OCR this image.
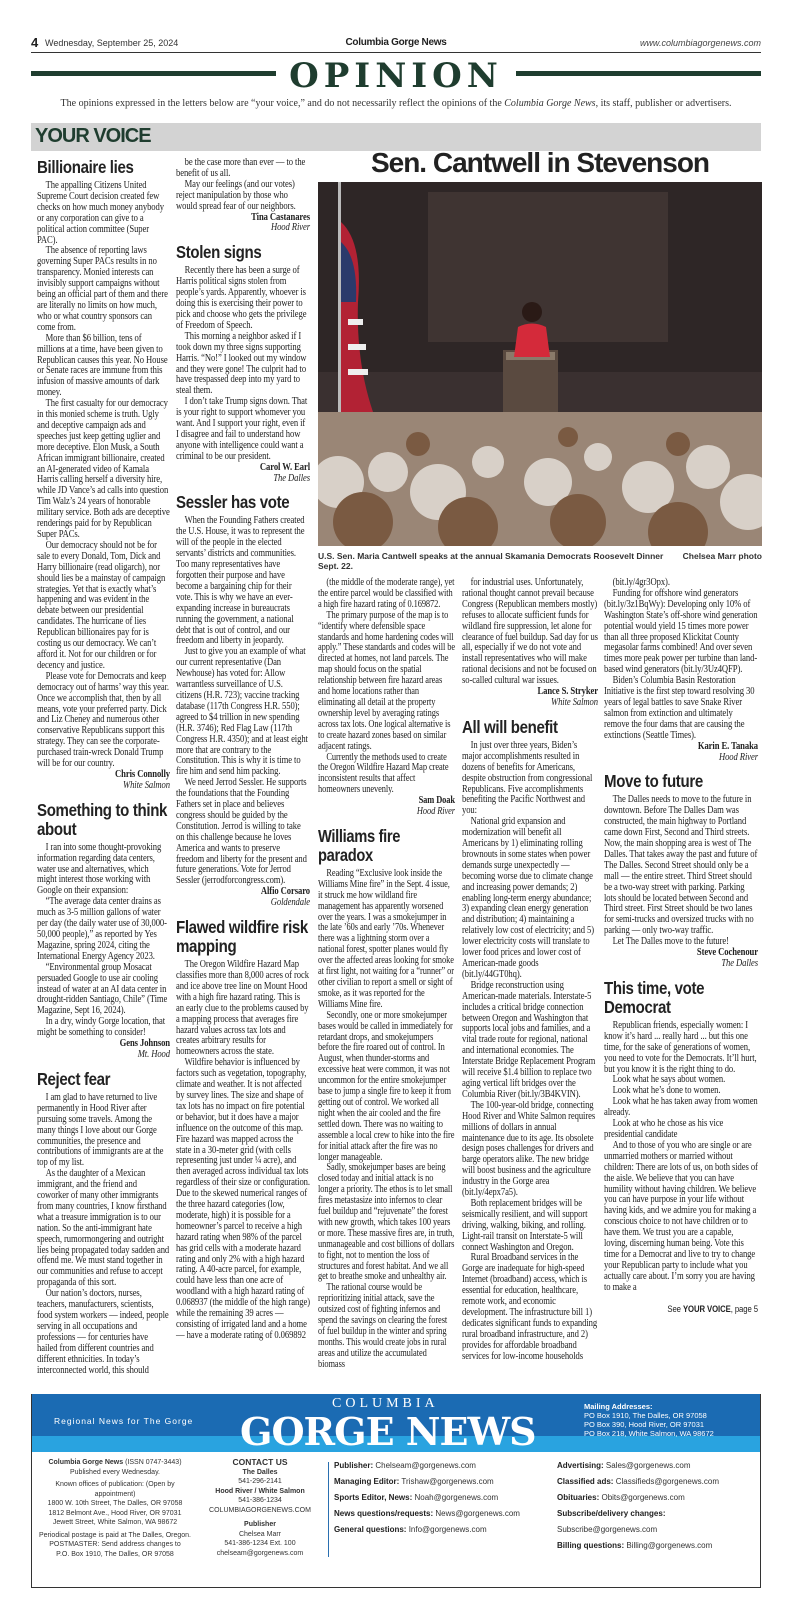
4 Wednesday, September 25, 2024	Columbia Gorge News	www.columbiagorgenews.com
OPINION
The opinions expressed in the letters below are “your voice,” and do not necessarily reflect the opinions of the Columbia Gorge News, its staff, publisher or advertisers.
YOUR VOICE
Billionaire lies

The appalling Citizens United Supreme Court decision created few checks on how much money anybody or any corporation can give to a political action committee (Super PAC).

The absence of reporting laws governing Super PACs results in no transparency. Monied interests can invisibly support campaigns without being an official part of them and there are literally no limits on how much, who or what country sponsors can come from.

More than $6 billion, tens of millions at a time, have been given to Republican causes this year. No House or Senate races are immune from this infusion of massive amounts of dark money.

The first casualty for our democracy in this monied scheme is truth. Ugly and deceptive campaign ads and speeches just keep getting uglier and more deceptive. Elon Musk, a South African immigrant billionaire, created an AI-generated video of Kamala Harris calling herself a diversity hire, while JD Vance’s ad calls into question Tim Walz’s 24 years of honorable military service. Both ads are deceptive renderings paid for by Republican Super PACs.

Our democracy should not be for sale to every Donald, Tom, Dick and Harry billionaire (read oligarch), nor should lies be a mainstay of campaign strategies. Yet that is exactly what’s happening and was evident in the debate between our presidential candidates. The hurricane of lies Republican billionaires pay for is costing us our democracy. We can’t afford it. Not for our children or for decency and justice.

Please vote for Democrats and keep democracy out of harms’ way this year. Once we accomplish that, then by all means, vote your preferred party. Dick and Liz Cheney and numerous other conservative Republicans support this strategy. They can see the corporate-purchased train-wreck Donald Trump will be for our country.

Chris Connolly
White Salmon
Something to think about

I ran into some thought-provoking information regarding data centers, water use and alternatives, which might interest those working with Google on their expansion:

“The average data center drains as much as 3-5 million gallons of water per day (the daily water use of 30,000-50,000 people),” as reported by Yes Magazine, spring 2024, citing the International Energy Agency 2023.

“Environmental group Mosacat persuaded Google to use air cooling instead of water at an AI data center in drought-ridden Santiago, Chile” (Time Magazine, Sept 16, 2024).

In a dry, windy Gorge location, that might be something to consider!

Gens Johnson
Mt. Hood
Reject fear

I am glad to have returned to live permanently in Hood River after pursuing some travels. Among the many things I love about our Gorge communities, the presence and contributions of immigrants are at the top of my list.

As the daughter of a Mexican immigrant, and the friend and coworker of many other immigrants from many countries, I know firsthand what a treasure immigration is to our nation. So the anti-immigrant hate speech, rumormongering and outright lies being propagated today sadden and offend me. We must stand together in our communities and refuse to accept propaganda of this sort.

Our nation’s doctors, nurses, teachers, manufacturers, scientists, food system workers — indeed, people serving in all occupations and professions — for centuries have hailed from different countries and different ethnicities. In today’s interconnected world, this should

be the case more than ever — to the benefit of us all.

May our feelings (and our votes) reject manipulation by those who would spread fear of our neighbors.

Tina Castanares
Hood River
Stolen signs

Recently there has been a surge of Harris political signs stolen from people’s yards. Apparently, whoever is doing this is exercising their power to pick and choose who gets the privilege of Freedom of Speech.

This morning a neighbor asked if I took down my three signs supporting Harris. “No!” I looked out my window and they were gone! The culprit had to have trespassed deep into my yard to steal them.

I don’t take Trump signs down. That is your right to support whomever you want. And I support your right, even if I disagree and fail to understand how anyone with intelligence could want a criminal to be our president.

Carol W. Earl
The Dalles
Sessler has vote

When the Founding Fathers created the U.S. House, it was to represent the will of the people in the elected servants’ districts and communities. Too many representatives have forgotten their purpose and have become a bargaining chip for their vote. This is why we have an ever-expanding increase in bureaucrats running the government, a national debt that is out of control, and our freedom and liberty in jeopardy.

Just to give you an example of what our current representative (Dan Newhouse) has voted for: Allow warrantless surveillance of U.S. citizens (H.R. 723); vaccine tracking database (117th Congress H.R. 550); agreed to $4 trillion in new spending (H.R. 3746); Red Flag Law (117th Congress H.R. 4350); and at least eight more that are contrary to the Constitution. This is why it is time to fire him and send him packing.

We need Jerrod Sessler. He supports the foundations that the Founding Fathers set in place and believes congress should be guided by the Constitution. Jerrod is willing to take on this challenge because he loves America and wants to preserve freedom and liberty for the present and future generations. Vote for Jerrod Sessler (jerrodforcongress.com).

Alfio Corsaro
Goldendale
Flawed wildfire risk mapping

The Oregon Wildfire Hazard Map classifies more than 8,000 acres of rock and ice above tree line on Mount Hood with a high fire hazard rating. This is an early clue to the problems caused by a mapping process that averages fire hazard values across tax lots and creates arbitrary results for homeowners across the state.

Wildfire behavior is influenced by factors such as vegetation, topography, climate and weather. It is not affected by survey lines. The size and shape of tax lots has no impact on fire potential or behavior, but it does have a major influence on the outcome of this map. Fire hazard was mapped across the state in a 30-meter grid (with cells representing just under ¼ acre), and then averaged across individual tax lots regardless of their size or configuration. Due to the skewed numerical ranges of the three hazard categories (low, moderate, high) it is possible for a homeowner’s parcel to receive a high hazard rating when 98% of the parcel has grid cells with a moderate hazard rating and only 2% with a high hazard rating. A 40-acre parcel, for example, could have less than one acre of woodland with a high hazard rating of 0.068937 (the middle of the high range) while the remaining 39 acres — consisting of irrigated land and a home — have a moderate rating of 0.069892

(the middle of the moderate range), yet the entire parcel would be classified with a high fire hazard rating of 0.169872.

The primary purpose of the map is to “identify where defensible space standards and home hardening codes will apply.” These standards and codes will be directed at homes, not land parcels. The map should focus on the spatial relationship between fire hazard areas and home locations rather than eliminating all detail at the property ownership level by averaging ratings across tax lots. One logical alternative is to create hazard zones based on similar adjacent ratings.

Currently the methods used to create the Oregon Wildfire Hazard Map create inconsistent results that affect homeowners unevenly.

Sam Doak
Hood River
Williams fire paradox

Reading “Exclusive look inside the Williams Mine fire” in the Sept. 4 issue, it struck me how wildland fire management has apparently worsened over the years. I was a smokejumper in the late ’60s and early ’70s. Whenever there was a lightning storm over a national forest, spotter planes would fly over the affected areas looking for smoke at first light, not waiting for a “runner” or other civilian to report a smell or sight of smoke, as it was reported for the Williams Mine fire.

Secondly, one or more smokejumper bases would be called in immediately for retardant drops, and smokejumpers before the fire roared out of control. In August, when thunder-storms and excessive heat were common, it was not uncommon for the entire smokejumper base to jump a single fire to keep it from getting out of control. We worked all night when the air cooled and the fire settled down. There was no waiting to assemble a local crew to hike into the fire for initial attack after the fire was no longer manageable.

Sadly, smokejumper bases are being closed today and initial attack is no longer a priority. The ethos is to let small fires metastasize into infernos to clear fuel buildup and “rejuvenate” the forest with new growth, which takes 100 years or more. These massive fires are, in truth, unmanageable and cost billions of dollars to fight, not to mention the loss of structures and forest habitat. And we all get to breathe smoke and unhealthy air.

The rational course would be reprioritizing initial attack, save the outsized cost of fighting infernos and spend the savings on clearing the forest of fuel buildup in the winter and spring months. This would create jobs in rural areas and utilize the accumulated biomass

for industrial uses. Unfortunately, rational thought cannot prevail because Congress (Republican members mostly) refuses to allocate sufficient funds for wildland fire suppression, let alone for clearance of fuel buildup. Sad day for us all, especially if we do not vote and install representatives who will make rational decisions and not be focused on so-called cultural war issues.

Lance S. Stryker
White Salmon
All will benefit

In just over three years, Biden’s major accomplishments resulted in dozens of benefits for Americans, despite obstruction from congressional Republicans. Five accomplishments benefiting the Pacific Northwest and you:

National grid expansion and modernization will benefit all Americans by 1) eliminating rolling brownouts in some states when power demands surge unexpectedly — becoming worse due to climate change and increasing power demands; 2) enabling long-term energy abundance; 3) expanding clean energy generation and distribution; 4) maintaining a relatively low cost of electricity; and 5) lower electricity costs will translate to lower food prices and lower cost of American-made goods (bit.ly/44GT0hq).

Bridge reconstruction using American-made materials. Interstate-5 includes a critical bridge connection between Oregon and Washington that supports local jobs and families, and a vital trade route for regional, national and international economies. The Interstate Bridge Replacement Program will receive $1.4 billion to replace two aging vertical lift bridges over the Columbia River (bit.ly/3B4KVIN).

The 100-year-old bridge, connecting Hood River and White Salmon requires millions of dollars in annual maintenance due to its age. Its obsolete design poses challenges for drivers and barge operators alike. The new bridge will boost business and the agriculture industry in the Gorge area (bit.ly/4epx7a5).

Both replacement bridges will be seismically resilient, and will support driving, walking, biking, and rolling. Light-rail transit on Interstate-5 will connect Washington and Oregon.

Rural Broadband services in the Gorge are inadequate for high-speed Internet (broadband) access, which is essential for education, healthcare, remote work, and economic development. The infrastructure bill 1) dedicates significant funds to expanding rural broadband infrastructure, and 2) provides for affordable broadband services for low-income households

(bit.ly/4gr3Opx).

Funding for offshore wind generators (bit.ly/3z1BqWy): Developing only 10% of Washington State’s off-shore wind generation potential would yield 15 times more power than all three proposed Klickitat County megasolar farms combined! And over seven times more peak power per turbine than land-based wind generators (bit.ly/3Uz4QFP).

Biden’s Columbia Basin Restoration Initiative is the first step toward resolving 30 years of legal battles to save Snake River salmon from extinction and ultimately remove the four dams that are causing the extinctions (Seattle Times).

Karin E. Tanaka
Hood River
Move to future

The Dalles needs to move to the future in downtown. Before The Dalles Dam was constructed, the main highway to Portland came down First, Second and Third streets. Now, the main shopping area is west of The Dalles. That takes away the past and future of The Dalles. Second Street should only be a mall — the entire street. Third Street should be a two-way street with parking. Parking lots should be located between Second and Third street. First Street should be two lanes for semi-trucks and oversized trucks with no parking — only two-way traffic.

Let The Dalles move to the future!

Steve Cochenour
The Dalles
This time, vote Democrat

Republican friends, especially women: I know it’s hard ... really hard ... but this one time, for the sake of generations of women, you need to vote for the Democrats. It’ll hurt, but you know it is the right thing to do.

Look what he says about women.

Look what he’s done to women.

Look what he has taken away from women already.

Look at who he chose as his vice presidential candidate

And to those of you who are single or are unmarried mothers or married without children: There are lots of us, on both sides of the aisle. We believe that you can have humility without having children. We believe you can have purpose in your life without having kids, and we admire you for making a conscious choice to not have children or to have them. We trust you are a capable, loving, discerning human being. Vote this time for a Democrat and live to try to change your Republican party to include what you actually care about. I’m sorry you are having to make a

See YOUR VOICE, page 5
Sen. Cantwell in Stevenson
U.S. Sen. Maria Cantwell speaks at the annual Skamania Democrats Roosevelt Dinner Sept. 22.
Chelsea Marr photo
Regional News for The Gorge
COLUMBIA
GORGE NEWS
Mailing Addresses:
PO Box 1910, The Dalles, OR 97058
PO Box 390, Hood River, OR 97031
PO Box 218, White Salmon, WA 98672

Columbia Gorge News (ISSN 0747-3443)
Published every Wednesday.

Known offices of publication: (Open by appointment)
1800 W. 10th Street, The Dalles, OR 97058
1812 Belmont Ave., Hood River, OR 97031
Jewett Street, White Salmon, WA 98672

Periodical postage is paid at The Dalles, Oregon.
POSTMASTER: Send address changes to
P.O. Box 1910, The Dalles, OR 97058

CONTACT US
The Dalles
541-296-2141
Hood River / White Salmon
541-386-1234
COLUMBIAGORGENEWS.COM
Publisher
Chelsea Marr
541-386-1234 Ext. 100
chelseam@gorgenews.com
Publisher: Chelseam@gorgenews.com
Managing Editor: Trishaw@gorgenews.com
Sports Editor, News: Noah@gorgenews.com
News questions/requests: News@gorgenews.com
General questions: Info@gorgenews.com
Advertising: Sales@gorgenews.com
Classified ads: Classifieds@gorgenews.com
Obituaries: Obits@gorgenews.com
Subscribe/delivery changes: Subscribe@gorgenews.com
Billing questions: Billing@gorgenews.com
